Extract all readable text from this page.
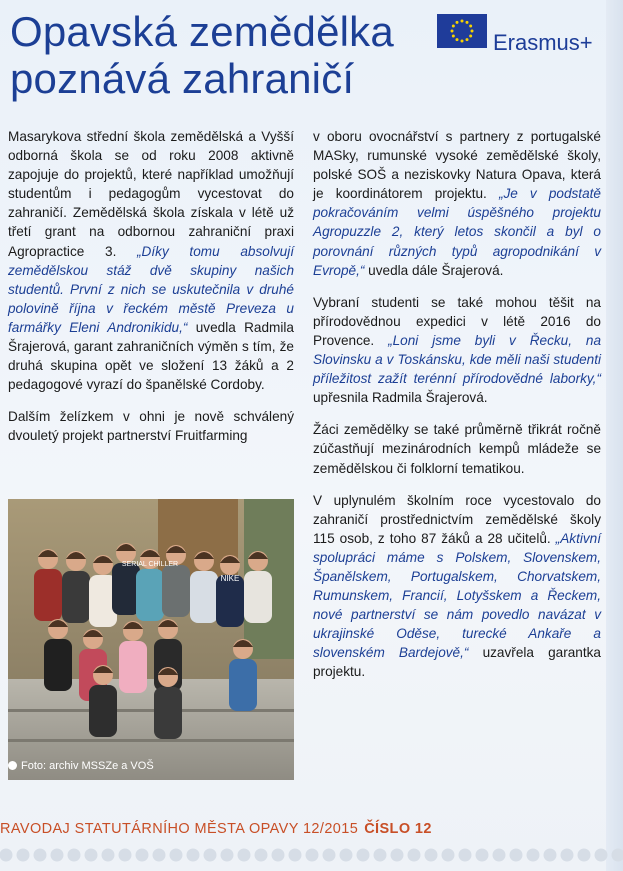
Opavská zemědělka poznává zahraničí
Erasmus+

Masarykova střední škola zemědělská a Vyšší odborná škola se od roku 2008 aktivně zapojuje do projektů, které například umožňují studentům i pedagogům vycestovat do zahraničí. Zemědělská škola získala v létě už třetí grant na odbornou zahraniční praxi Agropractice 3. „Díky tomu absolvují zemědělskou stáž dvě skupiny našich studentů. První z nich se uskutečnila v druhé polovině října v řeckém městě Preveza u farmářky Eleni Andronikidu,“ uvedla Radmila Šrajerová, garant zahraničních výměn s tím, že druhá skupina opět ve složení 13 žáků a 2 pedagogové vyrazí do španělské Cordoby.

Dalším želízkem v ohni je nově schválený dvouletý projekt partnerství Fruitfarming

SERIAL CHILLER
NIKE
Foto: archiv MSSZe a VOŠ

v oboru ovocnářství s partnery z portugalské MASky, rumunské vysoké zemědělské školy, polské SOŠ a neziskovky Natura Opava, která je koordinátorem projektu. „Je v podstatě pokračováním velmi úspěšného projektu Agropuzzle 2, který letos skončil a byl o porovnání různých typů agropodnikání v Evropě,“ uvedla dále Šrajerová.

Vybraní studenti se také mohou těšit na přírodovědnou expedici v létě 2016 do Provence. „Loni jsme byli v Řecku, na Slovinsku a v Toskánsku, kde měli naši studenti příležitost zažít terénní přírodovědné laborky,“ upřesnila Radmila Šrajerová.

Žáci zemědělky se také průměrně třikrát ročně zúčastňují mezinárodních kempů mládeže se zemědělskou či folklorní tematikou.

V uplynulém školním roce vycestovalo do zahraničí prostřednictvím zemědělské školy 115 osob, z toho 87 žáků a 28 učitelů. „Aktivní spolupráci máme s Polskem, Slovenskem, Španělskem, Portugalskem, Chorvatskem, Rumunskem, Francií, Lotyšskem a Řeckem, nové partnerství se nám povedlo navázat v ukrajinské Oděse, turecké Ankaře a slovenském Bardejově,“ uzavřela garantka projektu.

RAVODAJ STATUTÁRNÍHO MĚSTA OPAVY 12/2015 ČÍSLO 12
